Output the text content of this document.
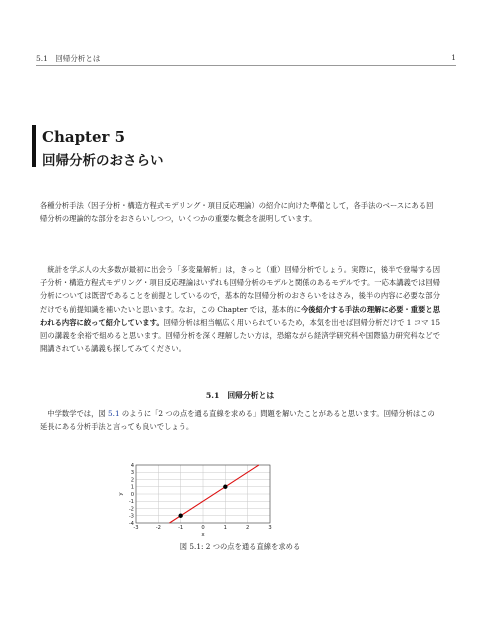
5.1　回帰分析とは	1
Chapter 5
回帰分析のおさらい
各種分析手法（因子分析・構造方程式モデリング・項目反応理論）の紹介に向けた準備として，各手法のベースにある回帰分析の理論的な部分をおさらいしつつ，いくつかの重要な概念を説明しています。
　統計を学ぶ人の大多数が最初に出会う「多変量解析」は，きっと（重）回帰分析でしょう。実際に，後半で登場する因子分析・構造方程式モデリング・項目反応理論はいずれも回帰分析のモデルと関係のあるモデルです。一応本講義では回帰分析については既習であることを前提としているので，基本的な回帰分析のおさらいをはさみ，後半の内容に必要な部分だけでも前提知識を補いたいと思います。なお，この Chapter では，基本的に今後紹介する手法の理解に必要・重要と思われる内容に絞って紹介しています。回帰分析は相当幅広く用いられているため，本気を出せば回帰分析だけで 1 コマ 15 回の講義を余裕で組めると思います。回帰分析を深く理解したい方は，恐縮ながら経済学研究科や国際協力研究科などで開講されている講義も探してみてください。
5.1 回帰分析とは
　中学数学では，図 5.1 のように「2 つの点を通る直線を求める」問題を解いたことがあると思います。回帰分析はこの延長にある分析手法と言っても良いでしょう。
-3	-2	-1	0	1	2	3
4
3
2
1
0
-1
-2
-3
-4
x
y
図 5.1: 2 つの点を通る直線を求める
